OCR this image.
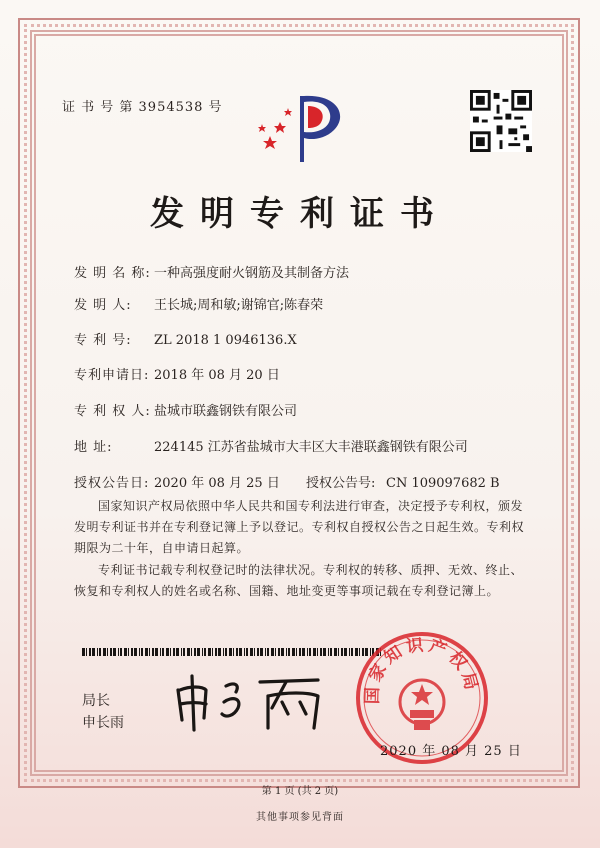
证 书 号 第 3954538 号
发明专利证书
发 明 名 称: 一种高强度耐火钢筋及其制备方法
发 明 人: 王长城;周和敏;谢锦官;陈春荣
专 利 号: ZL 2018 1 0946136.X
专利申请日: 2018 年 08 月 20 日
专 利 权 人: 盐城市联鑫钢铁有限公司
地 址:	224145 江苏省盐城市大丰区大丰港联鑫钢铁有限公司
授权公告日: 2020 年 08 月 25 日 授权公告号: CN 109097682 B
国家知识产权局依照中华人民共和国专利法进行审查，决定授予专利权，颁发发明专利证书并在专利登记簿上予以登记。专利权自授权公告之日起生效。专利权期限为二十年，自申请日起算。
专利证书记载专利权登记时的法律状况。专利权的转移、质押、无效、终止、恢复和专利权人的姓名或名称、国籍、地址变更等事项记载在专利登记簿上。
局长
申长雨
国家知识产权局
2020 年 08 月 25 日
第 1 页 (共 2 页)
其他事项参见背面
